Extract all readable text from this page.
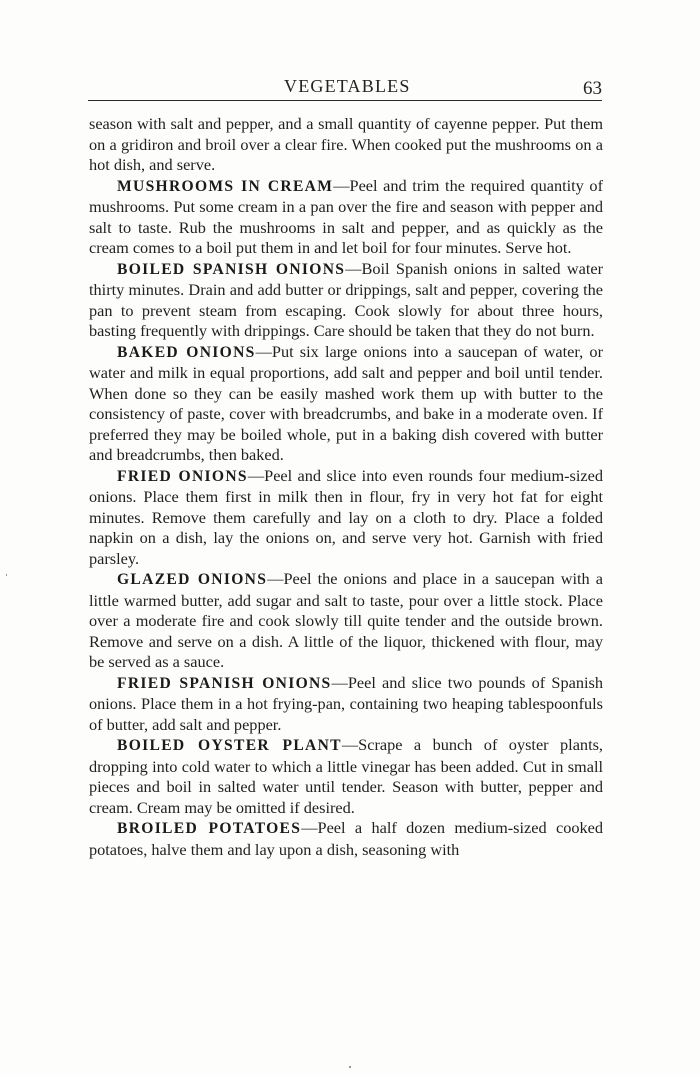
VEGETABLES	63

season with salt and pepper, and a small quantity of cayenne pepper. Put them on a gridiron and broil over a clear fire. When cooked put the mushrooms on a hot dish, and serve.

MUSHROOMS IN CREAM—Peel and trim the required quantity of mushrooms. Put some cream in a pan over the fire and season with pepper and salt to taste. Rub the mushrooms in salt and pepper, and as quickly as the cream comes to a boil put them in and let boil for four minutes. Serve hot.

BOILED SPANISH ONIONS—Boil Spanish onions in salted water thirty minutes. Drain and add butter or drippings, salt and pepper, covering the pan to prevent steam from escaping. Cook slowly for about three hours, basting frequently with drippings. Care should be taken that they do not burn.

BAKED ONIONS—Put six large onions into a saucepan of water, or water and milk in equal proportions, add salt and pepper and boil until tender. When done so they can be easily mashed work them up with butter to the consistency of paste, cover with breadcrumbs, and bake in a moderate oven. If preferred they may be boiled whole, put in a baking dish covered with butter and breadcrumbs, then baked.

FRIED ONIONS—Peel and slice into even rounds four medium-sized onions. Place them first in milk then in flour, fry in very hot fat for eight minutes. Remove them carefully and lay on a cloth to dry. Place a folded napkin on a dish, lay the onions on, and serve very hot. Garnish with fried parsley.

GLAZED ONIONS—Peel the onions and place in a saucepan with a little warmed butter, add sugar and salt to taste, pour over a little stock. Place over a moderate fire and cook slowly till quite tender and the outside brown. Remove and serve on a dish. A little of the liquor, thickened with flour, may be served as a sauce.

FRIED SPANISH ONIONS—Peel and slice two pounds of Spanish onions. Place them in a hot frying-pan, containing two heaping tablespoonfuls of butter, add salt and pepper.

BOILED OYSTER PLANT—Scrape a bunch of oyster plants, dropping into cold water to which a little vinegar has been added. Cut in small pieces and boil in salted water until tender. Season with butter, pepper and cream. Cream may be omitted if desired.

BROILED POTATOES—Peel a half dozen medium-sized cooked potatoes, halve them and lay upon a dish, seasoning with
